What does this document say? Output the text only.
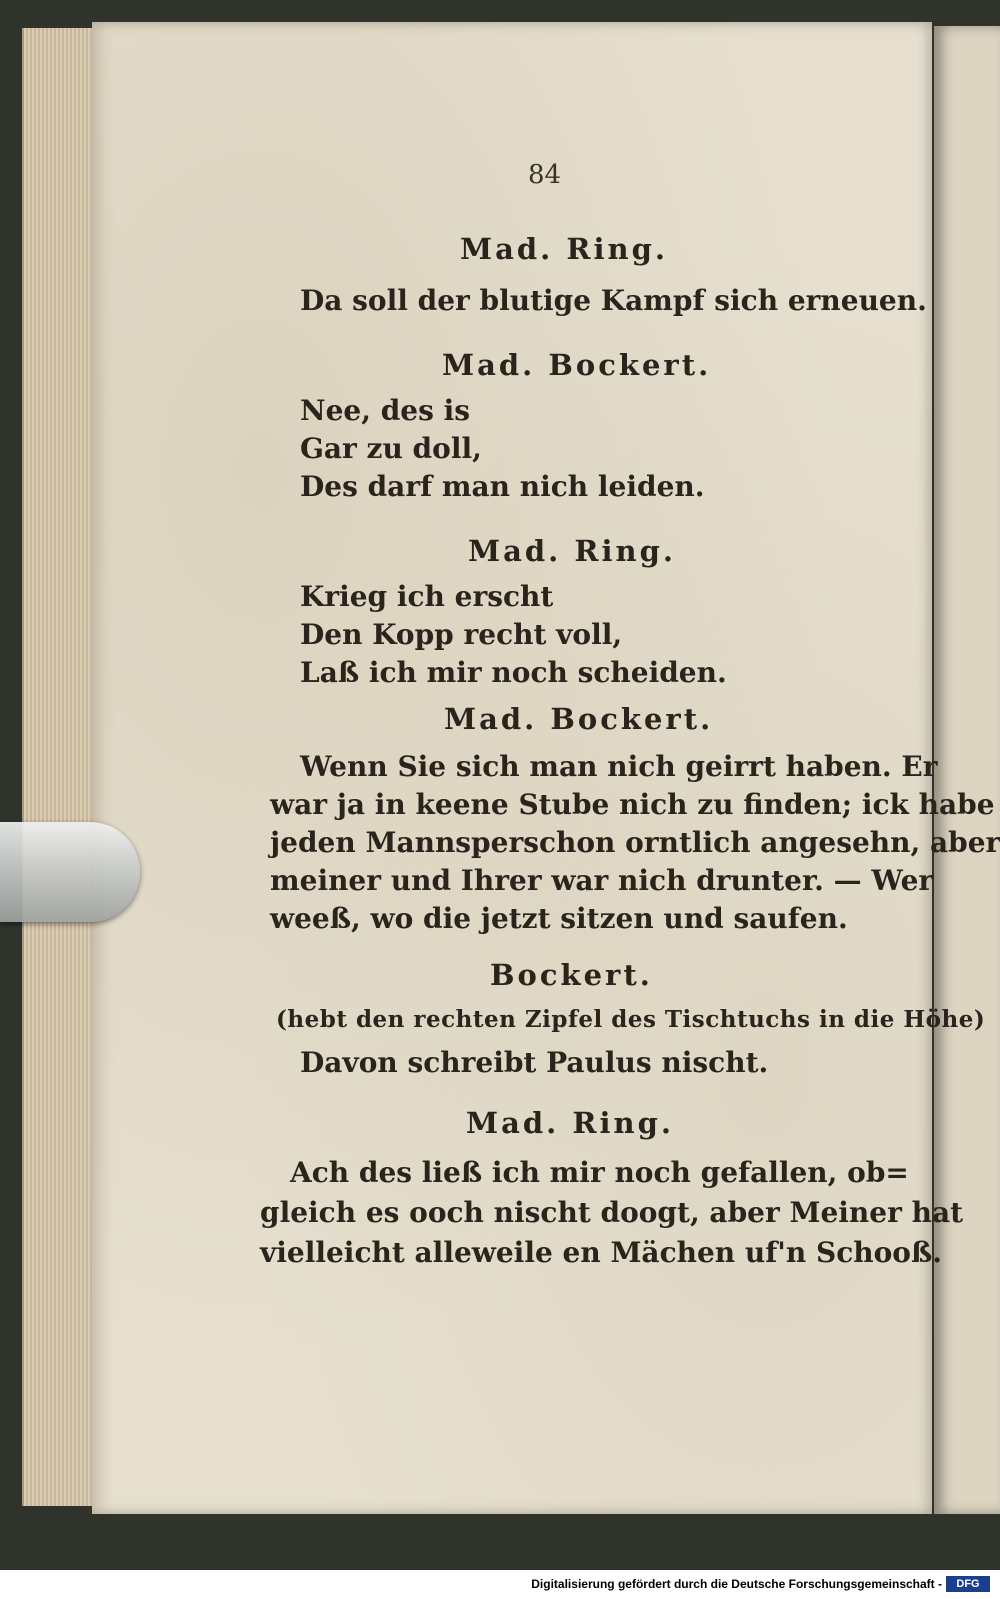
84
Mad. Ring.
Da soll der blutige Kampf sich erneuen.
Mad. Bockert.
Nee, des is
Gar zu doll,
Des darf man nich leiden.
Mad. Ring.
Krieg ich erscht
Den Kopp recht voll,
Laß ich mir noch scheiden.
Mad. Bockert.
Wenn Sie sich man nich geirrt haben. Er
war ja in keene Stube nich zu finden; ick habe
jeden Mannsperschon orntlich angesehn, aber
meiner und Ihrer war nich drunter. — Wer
weeß, wo die jetzt sitzen und saufen.
Bockert.
(hebt den rechten Zipfel des Tischtuchs in die Höhe)
Davon schreibt Paulus nischt.
Mad. Ring.
Ach des ließ ich mir noch gefallen, ob=
gleich es ooch nischt doogt, aber Meiner hat
vielleicht alleweile en Mächen uf'n Schooß.
Digitalisierung gefördert durch die Deutsche Forschungsgemeinschaft -	DFG
